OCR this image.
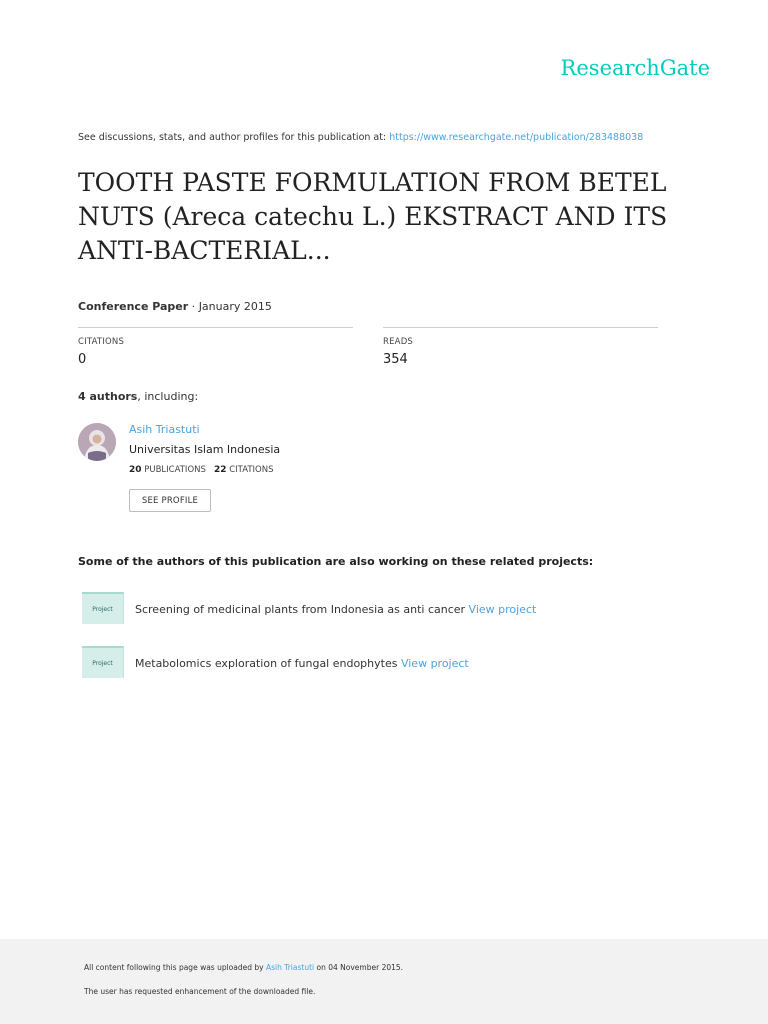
ResearchGate
See discussions, stats, and author profiles for this publication at: https://www.researchgate.net/publication/283488038
TOOTH PASTE FORMULATION FROM BETEL
NUTS (Areca catechu L.) EKSTRACT AND ITS
ANTI-BACTERIAL...
Conference Paper · January 2015
CITATIONS
0
READS
354
4 authors, including:
Asih Triastuti
Universitas Islam Indonesia
20 PUBLICATIONS 22 CITATIONS
SEE PROFILE
Some of the authors of this publication are also working on these related projects:
Project	Screening of medicinal plants from Indonesia as anti cancer View project
Project	Metabolomics exploration of fungal endophytes View project
All content following this page was uploaded by Asih Triastuti on 04 November 2015.
The user has requested enhancement of the downloaded file.
